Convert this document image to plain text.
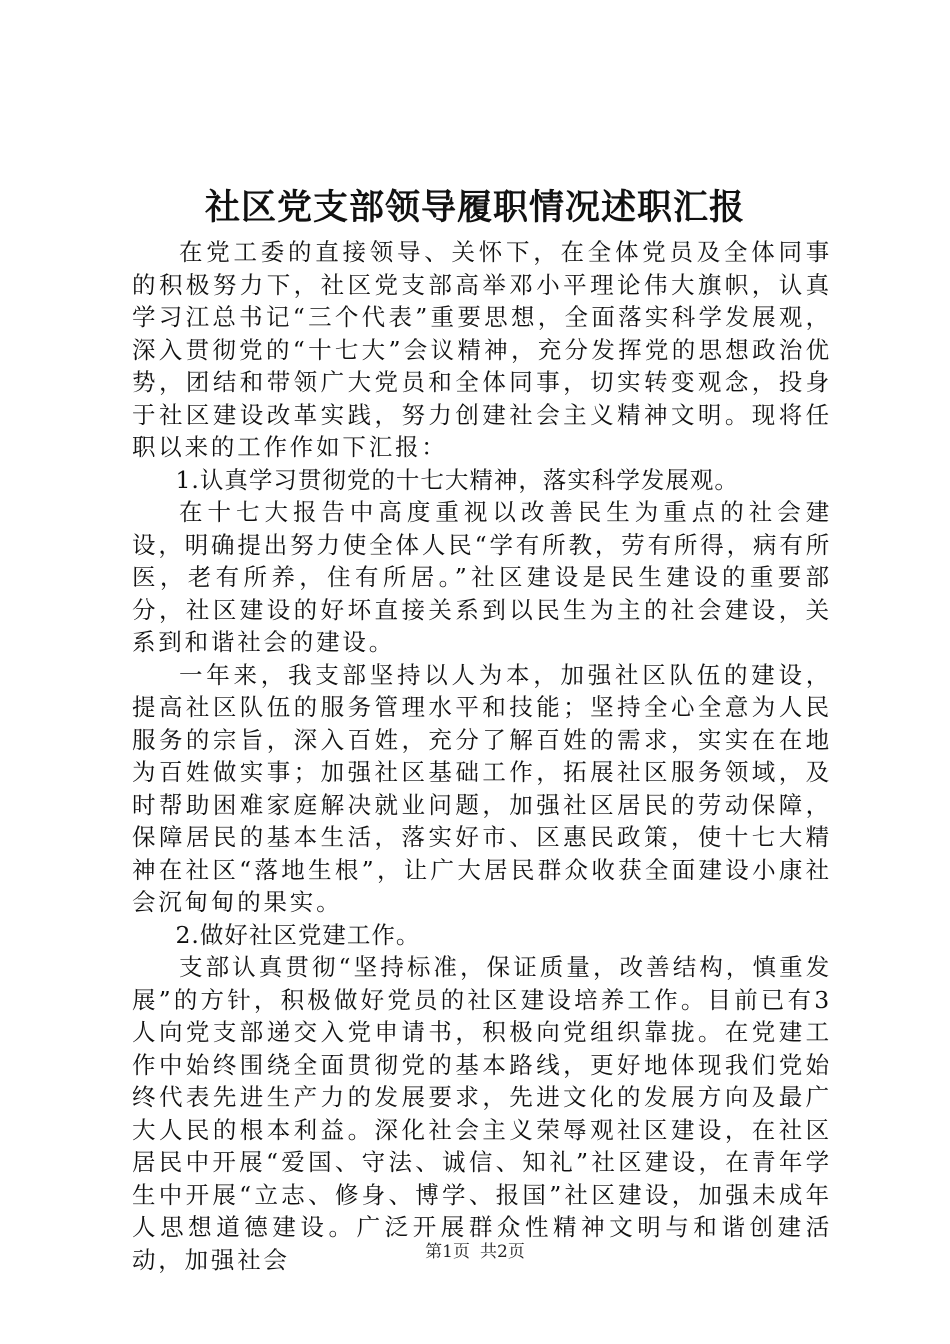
社区党支部领导履职情况述职汇报

在党工委的直接领导、关怀下，在全体党员及全体同事的积极努力下，社区党支部高举邓小平理论伟大旗帜，认真学习江总书记“三个代表”重要思想，全面落实科学发展观，深入贯彻党的“十七大”会议精神，充分发挥党的思想政治优势，团结和带领广大党员和全体同事，切实转变观念，投身于社区建设改革实践，努力创建社会主义精神文明。现将任职以来的工作作如下汇报：

1.认真学习贯彻党的十七大精神，落实科学发展观。

在十七大报告中高度重视以改善民生为重点的社会建设，明确提出努力使全体人民“学有所教，劳有所得，病有所医，老有所养，住有所居。”社区建设是民生建设的重要部分，社区建设的好坏直接关系到以民生为主的社会建设，关系到和谐社会的建设。

一年来，我支部坚持以人为本，加强社区队伍的建设，提高社区队伍的服务管理水平和技能；坚持全心全意为人民服务的宗旨，深入百姓，充分了解百姓的需求，实实在在地为百姓做实事；加强社区基础工作，拓展社区服务领域，及时帮助困难家庭解决就业问题，加强社区居民的劳动保障，保障居民的基本生活，落实好市、区惠民政策，使十七大精神在社区“落地生根”，让广大居民群众收获全面建设小康社会沉甸甸的果实。

2.做好社区党建工作。

支部认真贯彻“坚持标准，保证质量，改善结构，慎重发展”的方针，积极做好党员的社区建设培养工作。目前已有3人向党支部递交入党申请书，积极向党组织靠拢。在党建工作中始终围绕全面贯彻党的基本路线，更好地体现我们党始终代表先进生产力的发展要求，先进文化的发展方向及最广大人民的根本利益。深化社会主义荣辱观社区建设，在社区居民中开展“爱国、守法、诚信、知礼”社区建设，在青年学生中开展“立志、修身、博学、报国”社区建设，加强未成年人思想道德建设。广泛开展群众性精神文明与和谐创建活动，加强社会	第1页 共2页
